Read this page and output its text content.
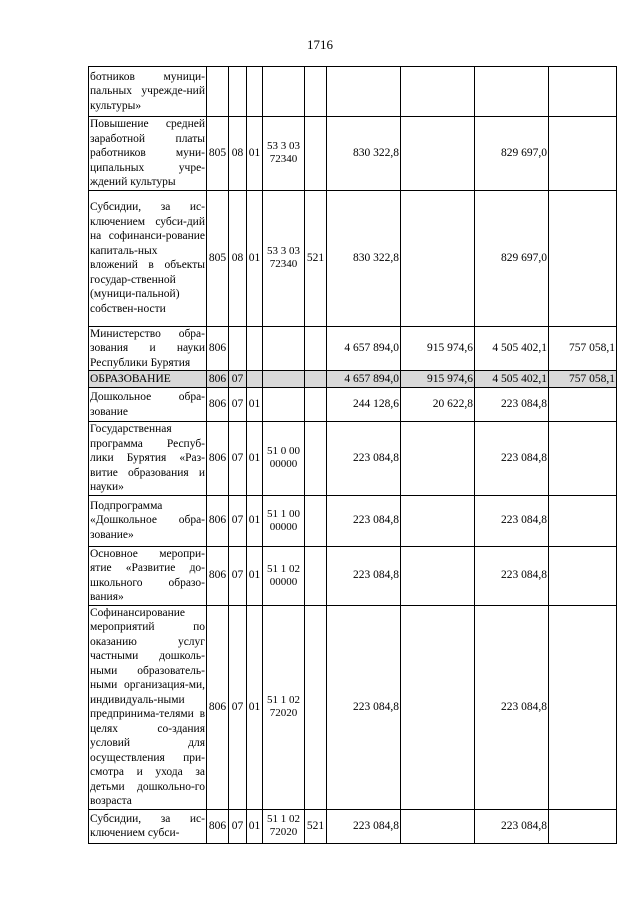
1716
ботников муници-пальных учрежде-ний культуры»									
Повышение средней заработной платы работников муни-ципальных учре-ждений культуры	805	08	01	53 3 03 72340		830 322,8		829 697,0	
Субсидии, за ис-ключением субси-дий на софинанси-рование капиталь-ных вложений в объекты государ-ственной (муници-пальной) собствен-ности	805	08	01	53 3 03 72340	521	830 322,8		829 697,0	
Министерство обра-зования и науки Республики Бурятия	806					4 657 894,0	915 974,6	4 505 402,1	757 058,1
ОБРАЗОВАНИЕ	806	07				4 657 894,0	915 974,6	4 505 402,1	757 058,1
Дошкольное обра-зование	806	07	01			244 128,6	20 622,8	223 084,8	
Государственная программа Респуб-лики Бурятия «Раз-витие образования и науки»	806	07	01	51 0 00 00000		223 084,8		223 084,8	
Подпрограмма «Дошкольное обра-зование»	806	07	01	51 1 00 00000		223 084,8		223 084,8	
Основное меропри-ятие «Развитие до-школьного образо-вания»	806	07	01	51 1 02 00000		223 084,8		223 084,8	
Софинансирование мероприятий по оказанию услуг частными дошколь-ными образователь-ными организация-ми, индивидуаль-ными предпринима-телями в целях со-здания условий для осуществления при-смотра и ухода за детьми дошкольно-го возраста	806	07	01	51 1 02 72020		223 084,8		223 084,8	
Субсидии, за ис-ключением субси-	806	07	01	51 1 02 72020	521	223 084,8		223 084,8	
